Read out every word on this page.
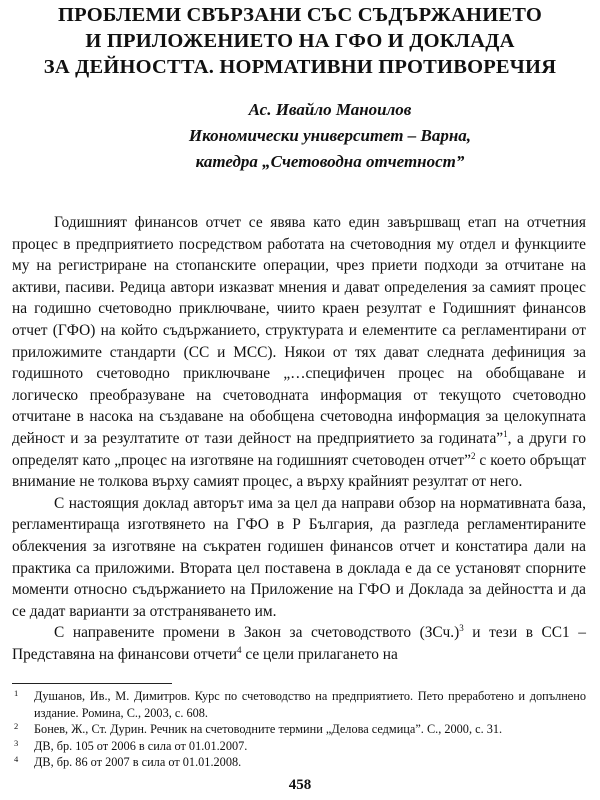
ПРОБЛЕМИ СВЪРЗАНИ СЪС СЪДЪРЖАНИЕТО
И ПРИЛОЖЕНИЕТО НА ГФО И ДОКЛАДА
ЗА ДЕЙНОСТТА. НОРМАТИВНИ ПРОТИВОРЕЧИЯ
Ас. Ивайло Маноилов
Икономически университет – Варна,
катедра „Счетоводна отчетност”

Годишният финансов отчет се явява като един завършващ етап на отчетния процес в предприятието посредством работата на счетоводния му отдел и функциите му на регистриране на стопанските операции, чрез приети подходи за отчитане на активи, пасиви. Редица автори изказват мнения и дават определения за самият процес на годишно счетоводно приключване, чиито краен резултат е Годишният финансов отчет (ГФО) на който съдържанието, структурата и елементите са регламентирани от прилoжимите стандарти (СС и МСС). Някои от тях дават следната дефиниция за годишното счетоводно приключване „…специфичен процес на обобщаване и логическо преобразуване на счетоводната информация от текущото счетоводно отчитане в насока на създаване на обобщена счетоводна информация за целокупната дейност и за резултатите от тази дейност на предприятието за годината”$^1$, а други го определят като „процес на изготвяне на годишният счетоводен отчет”$^2$ с което обръщат внимание не толкова върху самият процес, а върху крайният резултат от него.

С настоящия доклад авторът има за цел да направи обзор на нормативната база, регламентираща изготвянето на ГФО в Р България, да разгледа регламентираните облекчения за изготвяне на съкратен годишен финансов отчет и констатира дали на практика са приложими. Втората цел поставена в доклада е да се установят спорните моменти относно съдържанието на Приложение на ГФО и Доклада за дейността и да се дадат варианти за отстраняването им.

С направените промени в Закон за счетоводството $(ЗСч.)^3$ и тези в СС1 – Представяна на финансови отчети$^4$ се цели прилагането на

1 Душанов, Ив., М. Димитров. Курс по счетоводство на предприятието. Пето преработено и допълнено издание. Ромина, С., 2003, с. 608.
2 Бонев, Ж., Ст. Дурин. Речник на счетоводните термини „Делова седмица”. С., 2000, с. 31.
3 ДВ, бр. 105 от 2006 в сила от 01.01.2007.
4 ДВ, бр. 86 от 2007 в сила от 01.01.2008.
458
